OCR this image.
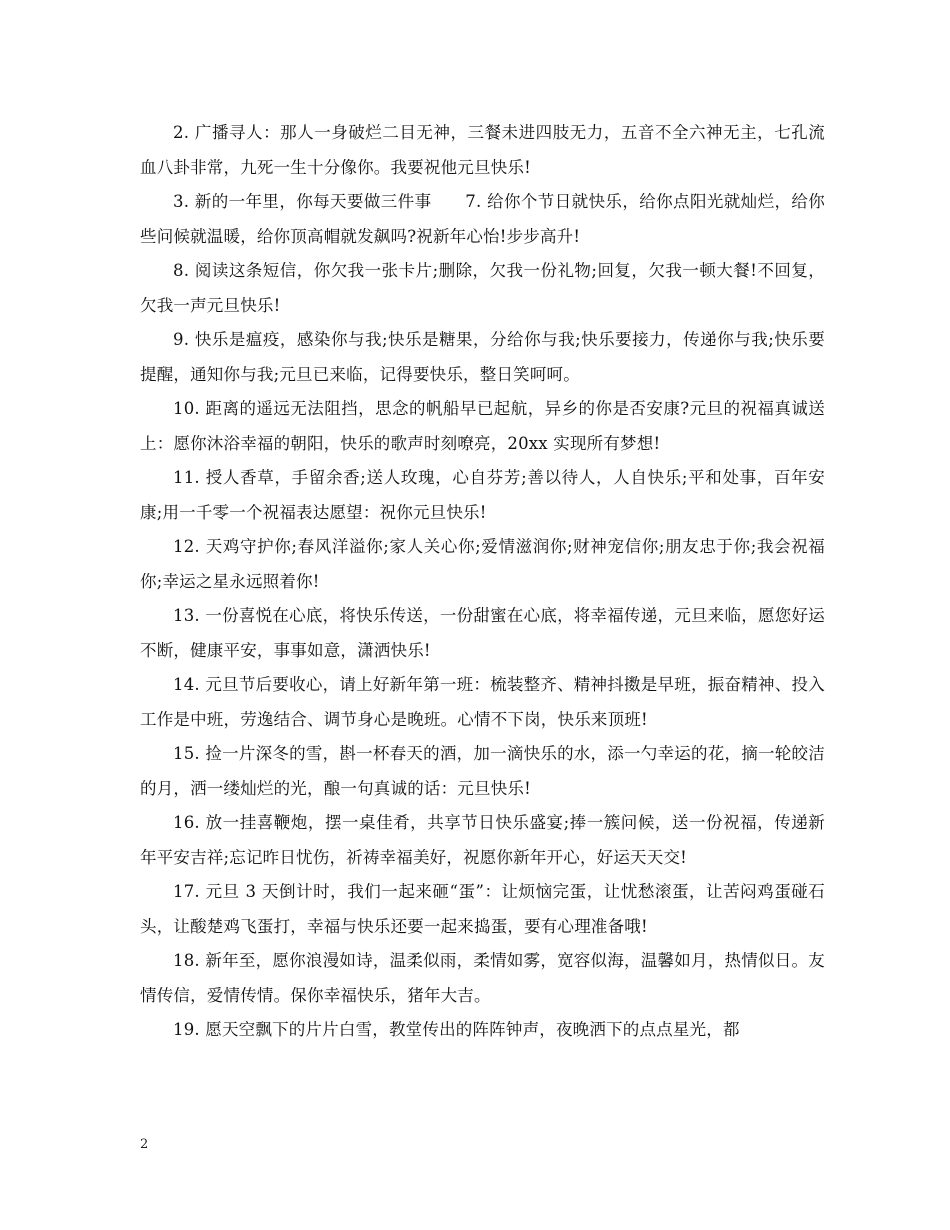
2. 广播寻人：那人一身破烂二目无神，三餐未进四肢无力，五音不全六神无主，七孔流血八卦非常，九死一生十分像你。我要祝他元旦快乐!

3. 新的一年里，你每天要做三件事　　7. 给你个节日就快乐，给你点阳光就灿烂，给你些问候就温暖，给你顶高帽就发飙吗?祝新年心怡!步步高升!

8. 阅读这条短信，你欠我一张卡片;删除，欠我一份礼物;回复，欠我一顿大餐!不回复，欠我一声元旦快乐!

9. 快乐是瘟疫，感染你与我;快乐是糖果，分给你与我;快乐要接力，传递你与我;快乐要提醒，通知你与我;元旦已来临，记得要快乐，整日笑呵呵。

10. 距离的遥远无法阻挡，思念的帆船早已起航，异乡的你是否安康?元旦的祝福真诚送上：愿你沐浴幸福的朝阳，快乐的歌声时刻嘹亮，20xx 实现所有梦想!

11. 授人香草，手留余香;送人玫瑰，心自芬芳;善以待人，人自快乐;平和处事，百年安康;用一千零一个祝福表达愿望：祝你元旦快乐!

12. 天鸡守护你;春风洋溢你;家人关心你;爱情滋润你;财神宠信你;朋友忠于你;我会祝福你;幸运之星永远照着你!

13. 一份喜悦在心底，将快乐传送，一份甜蜜在心底，将幸福传递，元旦来临，愿您好运不断，健康平安，事事如意，潇洒快乐!

14. 元旦节后要收心，请上好新年第一班：梳装整齐、精神抖擞是早班，振奋精神、投入工作是中班，劳逸结合、调节身心是晚班。心情不下岗，快乐来顶班!

15. 捡一片深冬的雪，斟一杯春天的酒，加一滴快乐的水，添一勺幸运的花，摘一轮皎洁的月，洒一缕灿烂的光，酿一句真诚的话：元旦快乐!

16. 放一挂喜鞭炮，摆一桌佳肴，共享节日快乐盛宴;捧一簇问候，送一份祝福，传递新年平安吉祥;忘记昨日忧伤，祈祷幸福美好，祝愿你新年开心，好运天天交!

17. 元旦 3 天倒计时，我们一起来砸“蛋”：让烦恼完蛋，让忧愁滚蛋，让苦闷鸡蛋碰石头，让酸楚鸡飞蛋打，幸福与快乐还要一起来捣蛋，要有心理准备哦!

18. 新年至，愿你浪漫如诗，温柔似雨，柔情如雾，宽容似海，温馨如月，热情似日。友情传信，爱情传情。保你幸福快乐，猪年大吉。

19. 愿天空飘下的片片白雪，教堂传出的阵阵钟声，夜晚洒下的点点星光，都

2
